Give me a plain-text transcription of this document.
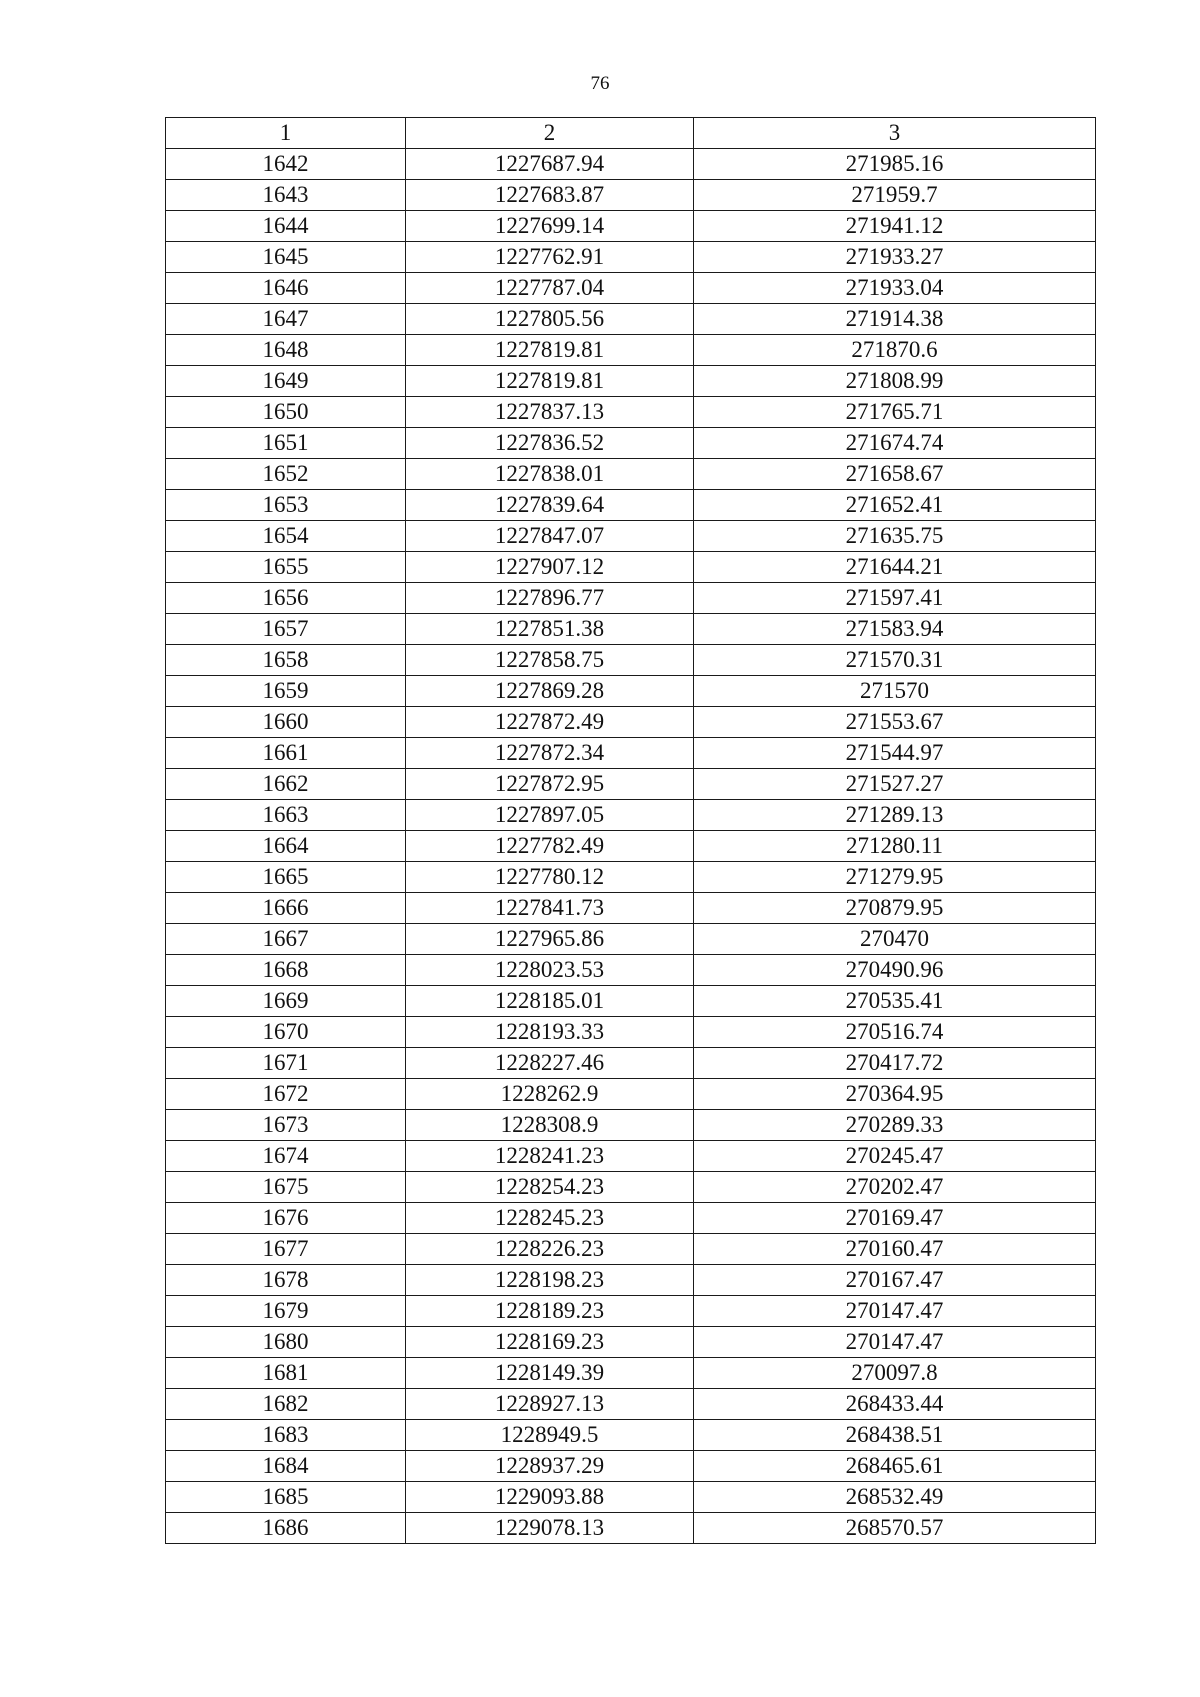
76
1	2	3
1642	1227687.94	271985.16
1643	1227683.87	271959.7
1644	1227699.14	271941.12
1645	1227762.91	271933.27
1646	1227787.04	271933.04
1647	1227805.56	271914.38
1648	1227819.81	271870.6
1649	1227819.81	271808.99
1650	1227837.13	271765.71
1651	1227836.52	271674.74
1652	1227838.01	271658.67
1653	1227839.64	271652.41
1654	1227847.07	271635.75
1655	1227907.12	271644.21
1656	1227896.77	271597.41
1657	1227851.38	271583.94
1658	1227858.75	271570.31
1659	1227869.28	271570
1660	1227872.49	271553.67
1661	1227872.34	271544.97
1662	1227872.95	271527.27
1663	1227897.05	271289.13
1664	1227782.49	271280.11
1665	1227780.12	271279.95
1666	1227841.73	270879.95
1667	1227965.86	270470
1668	1228023.53	270490.96
1669	1228185.01	270535.41
1670	1228193.33	270516.74
1671	1228227.46	270417.72
1672	1228262.9	270364.95
1673	1228308.9	270289.33
1674	1228241.23	270245.47
1675	1228254.23	270202.47
1676	1228245.23	270169.47
1677	1228226.23	270160.47
1678	1228198.23	270167.47
1679	1228189.23	270147.47
1680	1228169.23	270147.47
1681	1228149.39	270097.8
1682	1228927.13	268433.44
1683	1228949.5	268438.51
1684	1228937.29	268465.61
1685	1229093.88	268532.49
1686	1229078.13	268570.57
